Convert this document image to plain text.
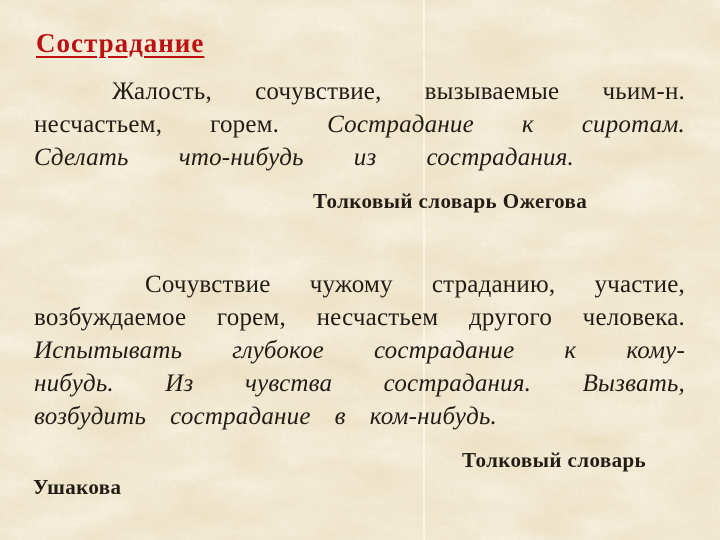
Сострадание
Жалость, сочувствие, вызываемые чьим-н.
несчастьем, горем. Сострадание к сиротам.
Сделать что-нибудь из сострадания.
Толковый словарь Ожегова
Сочувствие чужому страданию, участие,
возбуждаемое горем, несчастьем другого человека.
Испытывать глубокое сострадание к кому-
нибудь. Из чувства сострадания. Вызвать,
возбудить сострадание в ком-нибудь.
Толковый словарь
Ушакова
